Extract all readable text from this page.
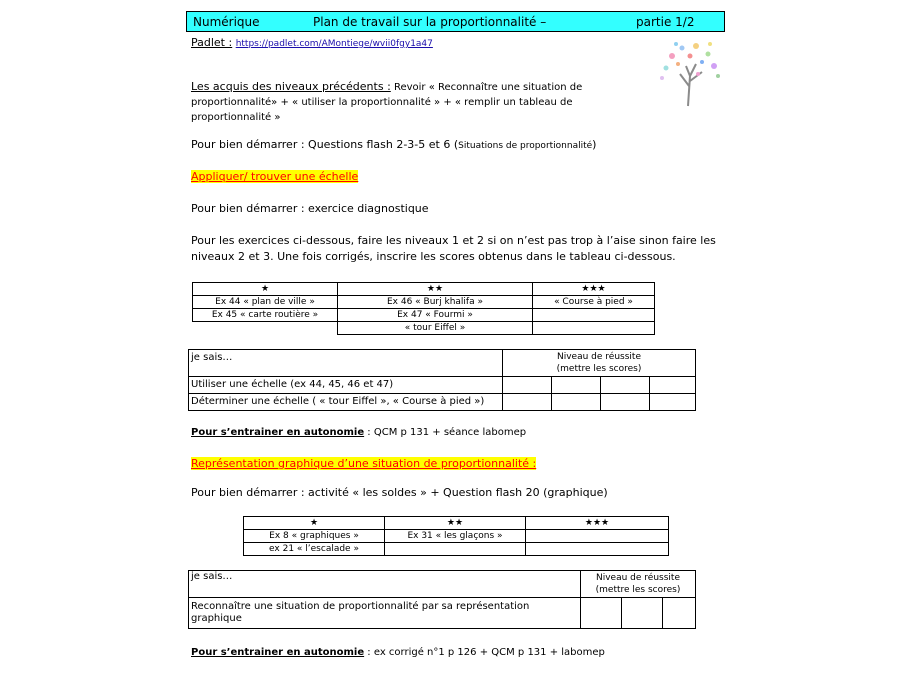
Numérique	Plan de travail sur la proportionnalité –	partie 1/2
Padlet : https://padlet.com/AMontiege/wvii0fgy1a47
Les acquis des niveaux précédents : Revoir « Reconnaître une situation de
proportionnalité» + « utiliser la proportionnalité » + « remplir un tableau de
proportionnalité »
Pour bien démarrer : Questions flash 2-3-5 et 6 (Situations de proportionnalité)
Appliquer/ trouver une échelle
Pour bien démarrer : exercice diagnostique
Pour les exercices ci-dessous, faire les niveaux 1 et 2 si on n’est pas trop à l’aise sinon faire les
niveaux 2 et 3. Une fois corrigés, inscrire les scores obtenus dans le tableau ci-dessous.
★	★★	★★★
Ex 44 « plan de ville »	Ex 46 « Burj khalifa »	« Course à pied »
Ex 45 « carte routière »	Ex 47 « Fourmi »	
	« tour Eiffel »	
je sais…	Niveau de réussite
(mettre les scores)			

Utiliser une échelle (ex 44, 45, 46 et 47)				
Déterminer une échelle ( « tour Eiffel », « Course à pied »)				
Pour s’entrainer en autonomie : QCM p 131 + séance labomep
Représentation graphique d’une situation de proportionnalité :
Pour bien démarrer : activité « les soldes » + Question flash 20 (graphique)
★	★★	★★★
Ex 8 « graphiques »	Ex 31 « les glaçons »	
ex 21 « l’escalade »		
je sais…	Niveau de réussite
(mettre les scores)		

Reconnaître une situation de proportionnalité par sa représentation graphique			
Pour s’entrainer en autonomie : ex corrigé n°1 p 126 + QCM p 131 + labomep
